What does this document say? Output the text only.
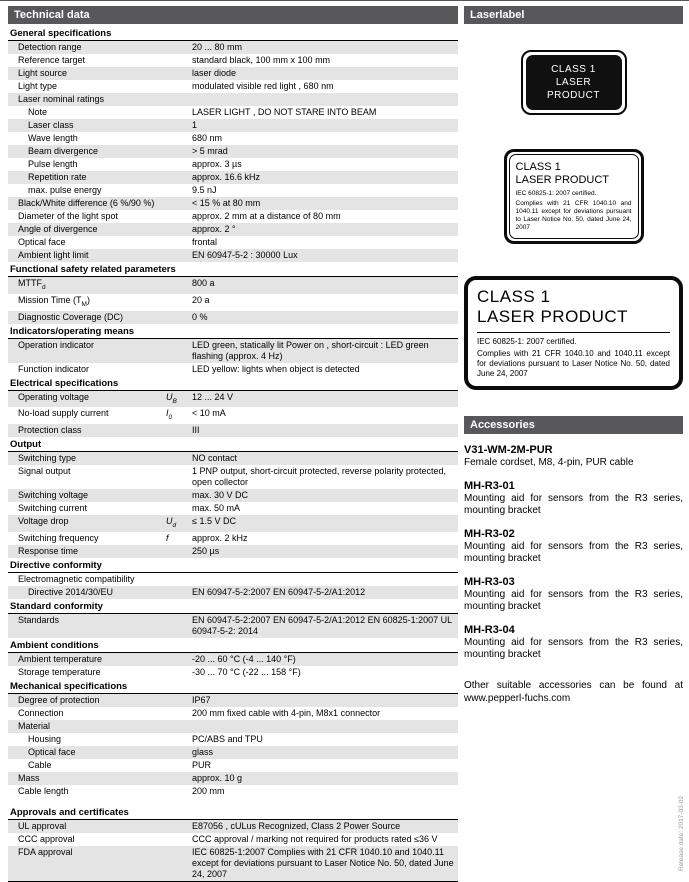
Technical data
General specifications
Detection range	20 ... 80 mm
Reference target	standard black, 100 mm x 100 mm
Light source	laser diode
Light type	modulated visible red light , 680 nm
Laser nominal ratings
Note	LASER LIGHT , DO NOT STARE INTO BEAM
Laser class	1
Wave length	680 nm
Beam divergence	> 5 mrad
Pulse length	approx. 3 µs
Repetition rate	approx. 16.6 kHz
max. pulse energy	9.5 nJ
Black/White difference (6 %/90 %)	< 15 % at 80 mm
Diameter of the light spot	approx. 2 mm at a distance of 80 mm
Angle of divergence	approx. 2 °
Optical face	frontal
Ambient light limit	EN 60947-5-2 : 30000 Lux
Functional safety related parameters
$MTTF_d$	800 a
Mission Time $(T_M)$	20 a
Diagnostic Coverage (DC)	0 %
Indicators/operating means
Operation indicator	LED green, statically lit Power on , short-circuit : LED green flashing (approx. 4 Hz)
Function indicator	LED yellow: lights when object is detected
Electrical specifications
Operating voltage	$U_B$	12 ... 24 V
No-load supply current	$I_0$	< 10 mA
Protection class	III
Output
Switching type	NO contact
Signal output	1 PNP output, short-circuit protected, reverse polarity protected, open collector
Switching voltage	max. 30 V DC
Switching current	max. 50 mA
Voltage drop	$U_d$	≤ 1.5 V DC
Switching frequency	f	approx. 2 kHz
Response time	250 µs
Directive conformity
Electromagnetic compatibility
Directive 2014/30/EU	EN 60947-5-2:2007 EN 60947-5-2/A1:2012
Standard conformity
Standards	EN 60947-5-2:2007 EN 60947-5-2/A1:2012 EN 60825-1:2007 UL 60947-5-2: 2014
Ambient conditions
Ambient temperature	-20 ... 60 °C (-4 ... 140 °F)
Storage temperature	-30 ... 70 °C (-22 ... 158 °F)
Mechanical specifications
Degree of protection	IP67
Connection	200 mm fixed cable with 4-pin, M8x1 connector
Material
Housing	PC/ABS and TPU
Optical face	glass
Cable	PUR
Mass	approx. 10 g
Cable length	200 mm
Approvals and certificates
UL approval	E87056 , cULus Recognized, Class 2 Power Source
CCC approval	CCC approval / marking not required for products rated ≤36 V
FDA approval	IEC 60825-1:2007 Complies with 21 CFR 1040.10 and 1040.11 except for deviations pursuant to Laser Notice No. 50, dated June 24, 2007
Laserlabel
CLASS 1
LASER
PRODUCT
CLASS 1
LASER PRODUCT
IEC 60825-1: 2007 certified.
Complies with 21 CFR 1040.10 and 1040.11 except for deviations pursuant to Laser Notice No. 50, dated June 24, 2007
CLASS 1
LASER PRODUCT
IEC 60825-1: 2007 certified.
Complies with 21 CFR 1040.10 and 1040.11 except for deviations pursuant to Laser Notice No. 50, dated June 24, 2007
Accessories
V31-WM-2M-PUR
Female cordset, M8, 4-pin, PUR cable
MH-R3-01
Mounting aid for sensors from the R3 series, mounting bracket
MH-R3-02
Mounting aid for sensors from the R3 series, mounting bracket
MH-R3-03
Mounting aid for sensors from the R3 series, mounting bracket
MH-R3-04
Mounting aid for sensors from the R3 series, mounting bracket

Other suitable accessories can be found at www.pepperl-fuchs.com

Release date: 2017-03-02
